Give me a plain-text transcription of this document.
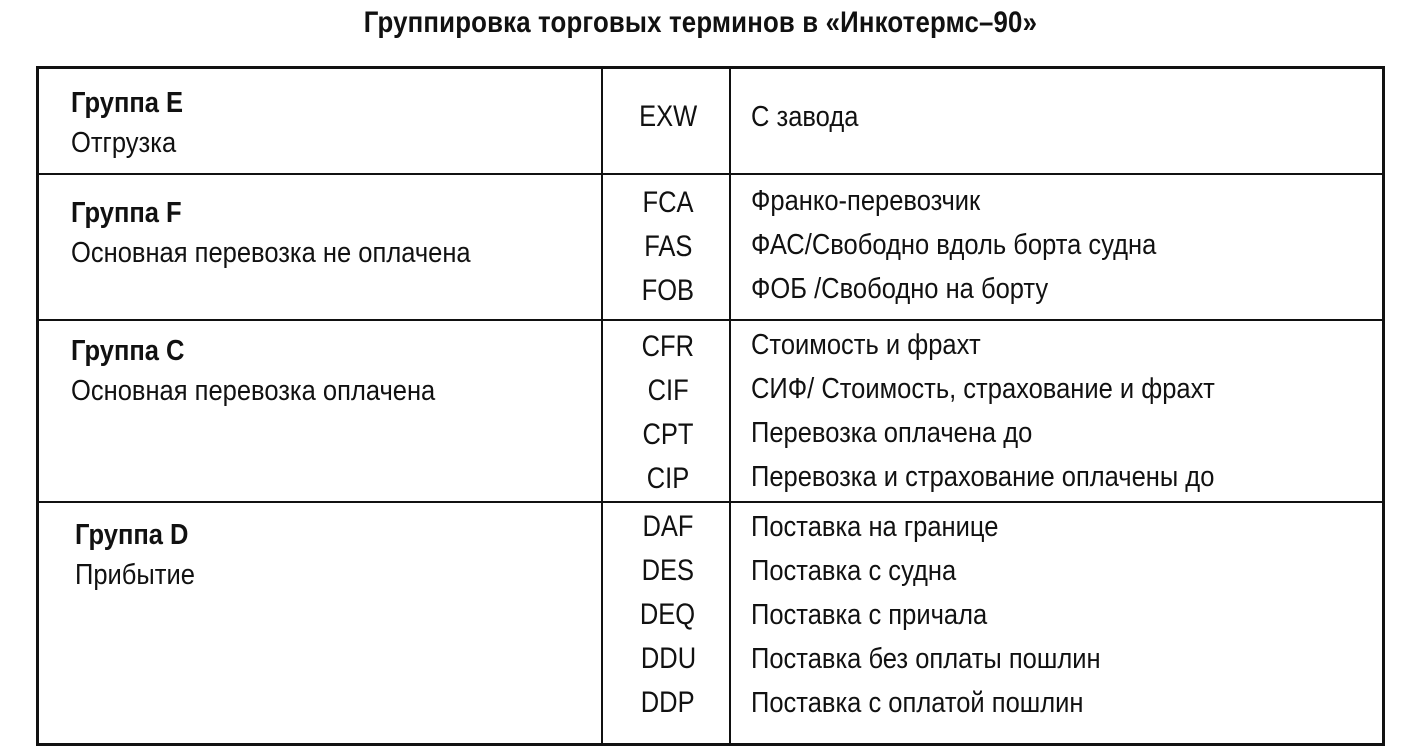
Группировка торговых терминов в «Инкотермс–90»
Группа E
Отгрузка
EXW	С завода
Группа F
Основная перевозка не оплачена
FCA
FAS
FOB
Франко-перевозчик
ФАС/Свободно вдоль борта судна
ФОБ /Свободно на борту
Группа C
Основная перевозка оплачена
CFR
CIF
CPT
CIP
Стоимость и фрахт
СИФ/ Стоимость, страхование и фрахт
Перевозка оплачена до
Перевозка и страхование оплачены до
Группа D
Прибытие
DAF
DES
DEQ
DDU
DDP
Поставка на границе
Поставка с судна
Поставка с причала
Поставка без оплаты пошлин
Поставка с оплатой пошлин
